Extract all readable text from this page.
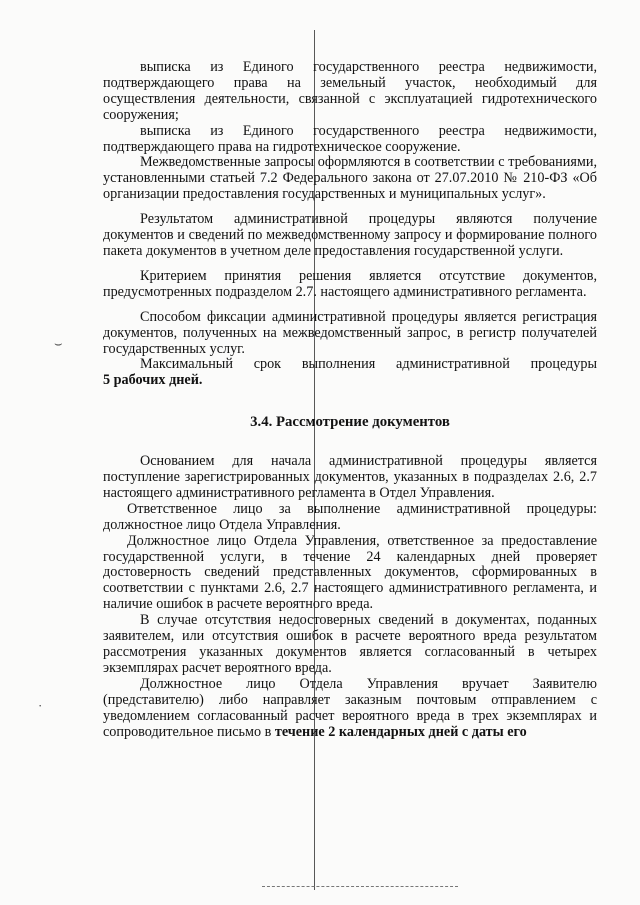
выписка из Единого государственного реестра недвижимости, подтверждающего права на земельный участок, необходимый для осуществления деятельности, связанной с эксплуатацией гидротехнического сооружения;

выписка из Единого государственного реестра недвижимости, подтверждающего права на гидротехническое сооружение.

Межведомственные запросы оформляются в соответствии с требованиями, установленными статьей 7.2 Федерального закона от 27.07.2010 № 210-ФЗ «Об организации предоставления государственных и муниципальных услуг».

Результатом административной процедуры являются получение документов и сведений по межведомственному запросу и формирование полного пакета документов в учетном деле предоставления государственной услуги.

Критерием принятия решения является отсутствие документов, предусмотренных подразделом 2.7. настоящего административного регламента.

Способом фиксации административной процедуры является регистрация документов, полученных на межведомственный запрос, в регистр получателей государственных услуг.

Максимальный срок выполнения административной процедуры

5 рабочих дней.

3.4. Рассмотрение документов

Основанием для начала административной процедуры является поступление зарегистрированных документов, указанных в подразделах 2.6, 2.7 настоящего административного регламента в Отдел Управления.

Ответственное лицо за выполнение административной процедуры: должностное лицо Отдела Управления.

Должностное лицо Отдела Управления, ответственное за предоставление государственной услуги, в течение 24 календарных дней проверяет достоверность сведений представленных документов, сформированных в соответствии с пунктами 2.6, 2.7 настоящего административного регламента, и наличие ошибок в расчете вероятного вреда.

В случае отсутствия недостоверных сведений в документах, поданных заявителем, или отсутствия ошибок в расчете вероятного вреда результатом рассмотрения указанных документов является согласованный в четырех экземплярах расчет вероятного вреда.

Должностное лицо Отдела Управления вручает Заявителю (представителю) либо направляет заказным почтовым отправлением с уведомлением согласованный расчет вероятного вреда в трех экземплярах и сопроводительное письмо в течение 2 календарных дней с даты его

⌣
·
